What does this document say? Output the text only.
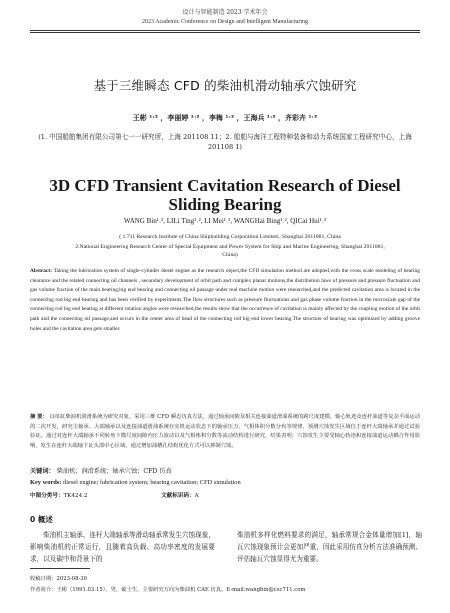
设计与智能制造 2023 学术年会
2023 Academic Conference on Design and Intelligent Manufacturing
基于三维瞬态 CFD 的柴油机滑动轴承穴蚀研究
王彬 ¹˒² ，李丽婷 ¹˒² ，李梅 ¹˒² ，王海兵 ¹˒² ，齐彩卉 ¹˒²
(1. 中国船舶集团有限公司第七一一研究所，上海 201108 11；2. 船舶与海洋工程特种装备和动力系统国家工程研究中心，上海 201108 1)
3D CFD Transient Cavitation Research of Diesel Sliding Bearing
WANG Bin¹˒², LILi Ting¹˒², LI Mei¹˒², WANGHai Bing¹˒², QICai Hui¹˒²
( 1.711 Research Institute of China Shipbuilding Corporation Limited., Shanghai 2011081, China
2.National Engineering Research Center of Special Equipment and Power System for Ship and Marine Engineering, Shanghai 2011081, China)
Abstract: Taking the lubrication system of single-cylinder diesel engine as the research object,the CFD simulation method are adopted,with the cross scale modeling of bearing clearance and the related connecting oil channels , secondary development of orbit path and complex planar motions,the distribution laws of pressure and pressure fluctuation and gas volume fraction of the main bearing,big end bearing and connecting oil passage under real machine motion were researched,and the predicted cavitation area is located in the connecting rod big end bearing and has been verified by experiments.The flow structures such as pressure fluctuations and gas phase volume fraction in the microscale gap of the connecting rod big end bearing at different rotation angles were researched,the results show that the occurrence of cavitation is mainly affected by the coupling motion of the orbit path and the connecting oil passage,and occurs in the center area of head of the connecting rod big end lower bearing.The structure of bearing was optimized by adding groove holes and the cavitation area gets smaller.
摘 要： 以单缸柴油机润滑系统为研究对象，采用三维 CFD 瞬态仿真方法，通过轴承间隙及相关连接油道滑油系统的跨尺度建模、轴心轨迹及连杆油道等复杂平面运动的二次开发，研究主轴承、大端轴承以及连接油道滑油系统在实机运动状态下的轴承压力、气相体积分数分布等规律，预测穴蚀发生区域位于连杆大端轴承并通过试验验证。通过对连杆大端轴承不同转角下微尺度间隙内压力波动以及气相体积分数等流动结构进行研究，结果表明：穴蚀发生主要受轴心轨迹和连接油道运动耦合作用影响，发生在连杆大端轴下瓦头部中心区域，通过增加油槽孔结构优化方式可以抑制穴蚀。
关键词： 柴油机；润滑系统；轴承穴蚀；CFD 仿真
Key words: diesel engine; lubrication system; bearing cavitation; CFD simulation
中图分类号：TK424.2	文献标识码：A
0 概述
柴油机主轴承、连杆大端轴承等滑动轴承常发生穴蚀现象，影响柴油机的正常运行，且随着高负载、高功率密度的发展要求，以及碳中和背景下的
柴油机多样化燃料要求的满足，轴承常规合金体量增加[1]，轴瓦穴蚀现象预计会更加严重，因此采用仿真分析方法准确预测、评估轴瓦穴蚀显得尤为重要。
收稿日期：2023-08-30
作者简介：王彬（1991.03.15），男，硕士生，主要研究方向为柴油机 CAE 仿真。E-mail:wangbin@csc711.com
